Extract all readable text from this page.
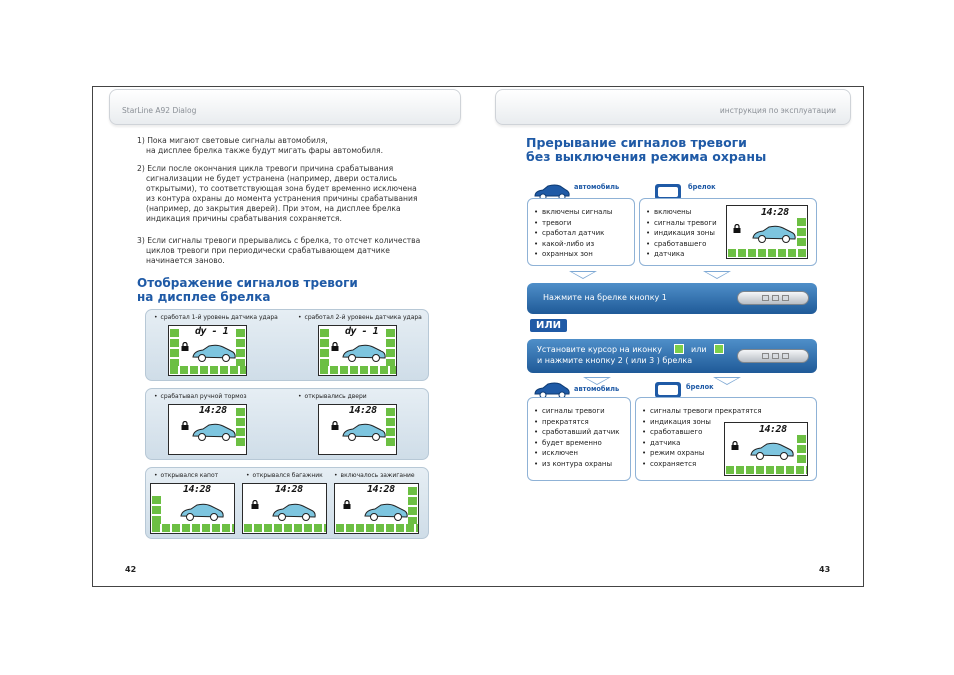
StarLine A92 Dialog	инструкция по эксплуатации
1) Пока мигают световые сигналы автомобиля,
на дисплее брелка также будут мигать фары автомобиля.
2) Если после окончания цикла тревоги причина срабатывания
сигнализации не будет устранена (например, двери остались
открытыми), то соответствующая зона будет временно исключена
из контура охраны до момента устранения причины срабатывания
(например, до закрытия дверей). При этом, на дисплее брелка
индикация причины срабатывания сохраняется.
3) Если сигналы тревоги прерывались с брелка, то отсчет количества
циклов тревоги при периодически срабатывающем датчике
начинается заново.
Отображение сигналов тревоги
на дисплее брелка
• сработал 1-й уровень датчика удара	• сработал 2-й уровень датчика удара
dy - 1	dy - 1
• срабатывал ручной тормоз	• открывались двери
14:28	14:28
• открывался капот	• открывался багажник	• включалось зажигание
14:28	14:28	14:28
42
Прерывание сигналов тревоги
без выключения режима охраны
автомобиль	брелок
• включены сигналы
• тревоги
• сработал датчик
• какой-либо из
• охранных зон
• включены
• сигналы тревоги
• индикация зоны
• сработавшего
• датчика
14:28
Нажмите на брелке кнопку 1
ИЛИ
Установите курсор на иконку	или
и нажмите кнопку 2 ( или 3 ) брелка
автомобиль	брелок
• сигналы тревоги
• прекратятся
• сработавший датчик
• будет временно
• исключен
• из контура охраны
• сигналы тревоги прекратятся
• индикация зоны
• сработавшего
• датчика
• режим охраны
• сохраняется
14:28
43
